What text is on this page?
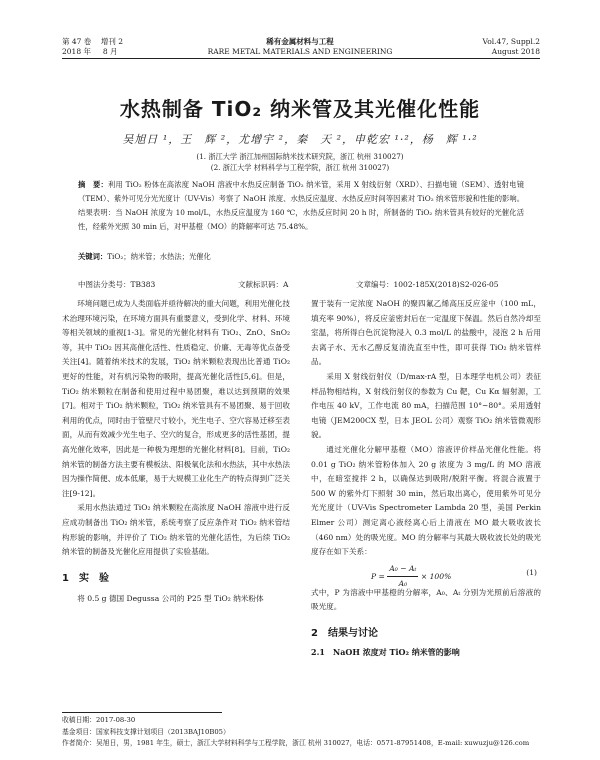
第 47 卷 增刊 2
2018 年 8 月
稀有金属材料与工程
RARE METAL MATERIALS AND ENGINEERING
Vol.47, Suppl.2
August 2018
水热制备 TiO₂ 纳米管及其光催化性能
吴旭日 ¹，王　辉 ²，尤增宇 ²，秦　天 ²，申乾宏 ¹·²，杨　辉 ¹·²
(1. 浙江大学 浙江加州国际纳米技术研究院，浙江 杭州 310027)
(2. 浙江大学 材料科学与工程学院，浙江 杭州 310027)
摘　要：利用 TiO₂ 粉体在高浓度 NaOH 溶液中水热反应制备 TiO₂ 纳米管，采用 X 射线衍射（XRD）、扫描电镜（SEM）、透射电镜（TEM）、紫外可见分光光度计（UV-Vis）考察了 NaOH 浓度、水热反应温度、水热反应时间等因素对 TiO₂ 纳米管形貌和性能的影响。结果表明：当 NaOH 浓度为 10 mol/L，水热反应温度为 160 ℃，水热反应时间 20 h 时，所制备的 TiO₂ 纳米管具有较好的光催化活性，经紫外光照 30 min 后，对甲基橙（MO）的降解率可达 75.48%。
关键词：TiO₂；纳米管；水热法；光催化
中图法分类号：TB383	文献标识码：A	文章编号：1002-185X(2018)S2-026-05

环境问题已成为人类面临并亟待解决的重大问题，利用光催化技术治理环境污染，在环境方面具有重要意义，受到化学、材料、环境等相关领域的重视[1-3]。常见的光催化材料有 TiO₂、ZnO、SnO₂ 等，其中 TiO₂ 因其高催化活性、性质稳定、价廉、无毒等优点备受关注[4]。随着纳米技术的发展，TiO₂ 纳米颗粒表现出比普通 TiO₂ 更好的性能，对有机污染物的吸附，提高光催化活性[5,6]。但是，TiO₂ 纳米颗粒在制备和使用过程中易团聚，难以达到预期的效果[7]。相对于 TiO₂ 纳米颗粒，TiO₂ 纳米管具有不易团聚、易于回收利用的优点，同时由于管壁尺寸较小，光生电子、空穴容易迁移至表面，从而有效减少光生电子、空穴的复合，形成更多的活性基团，提高光催化效率，因此是一种极为理想的光催化材料[8]。目前，TiO₂ 纳米管的制备方法主要有模板法、阳极氧化法和水热法，其中水热法因为操作简便、成本低廉，易于大规模工业化生产的特点得到广泛关注[9-12]。

采用水热法通过 TiO₂ 纳米颗粒在高浓度 NaOH 溶液中进行反应成功制备出 TiO₂ 纳米管，系统考察了反应条件对 TiO₂ 纳米管结构形貌的影响，并评价了 TiO₂ 纳米管的光催化活性，为后续 TiO₂ 纳米管的制备及光催化应用提供了实验基础。

1　实　验

将 0.5 g 德国 Degussa 公司的 P25 型 TiO₂ 纳米粉体

置于装有一定浓度 NaOH 的聚四氟乙烯高压反应釜中（100 mL，填充率 90%），将反应釜密封后在一定温度下保温。然后自然冷却至室温，将所得白色沉淀物浸入 0.3 mol/L 的盐酸中，浸泡 2 h 后用去离子水、无水乙醇反复清洗直至中性，即可获得 TiO₂ 纳米管样品。

采用 X 射线衍射仪（D/max-rA 型，日本理学电机公司）表征样品物相结构，X 射线衍射仪的参数为 Cu 靶，Cu Kα 辐射源，工作电压 40 kV，工作电流 80 mA，扫描范围 10°~80°。采用透射电镜（JEM200CX 型，日本 JEOL 公司）观察 TiO₂ 纳米管微观形貌。

通过光催化分解甲基橙（MO）溶液评价样品光催化性能。将 0.01 g TiO₂ 纳米管粉体加入 20 g 浓度为 3 mg/L 的 MO 溶液中，在暗室搅拌 2 h，以确保达到吸附/脱附平衡。将混合液置于 500 W 的紫外灯下照射 30 min，然后取出离心，使用紫外可见分光光度计（UV-Vis Spectrometer Lambda 20 型，美国 Perkin Elmer 公司）测定离心液经离心后上清液在 MO 最大吸收波长（460 nm）处的吸光度。MO 的分解率与其最大吸收波长处的吸光度存在如下关系：

$P = \frac{\text{A₀ − Aₜ}}{\text{A₀}} \times 100\%$	(1)

式中，P 为溶液中甲基橙的分解率，A₀、Aₜ 分别为光照前后溶液的吸光度。

2　结果与讨论
2.1　NaOH 浓度对 TiO₂ 纳米管的影响
收稿日期：2017-08-30
基金项目：国家科技支撑计划项目（2013BAJ10B05）
作者简介：吴旭日，男，1981 年生，硕士，浙江大学材料科学与工程学院，浙江 杭州 310027，电话：0571-87951408，E-mail: xuwuzju@126.com
